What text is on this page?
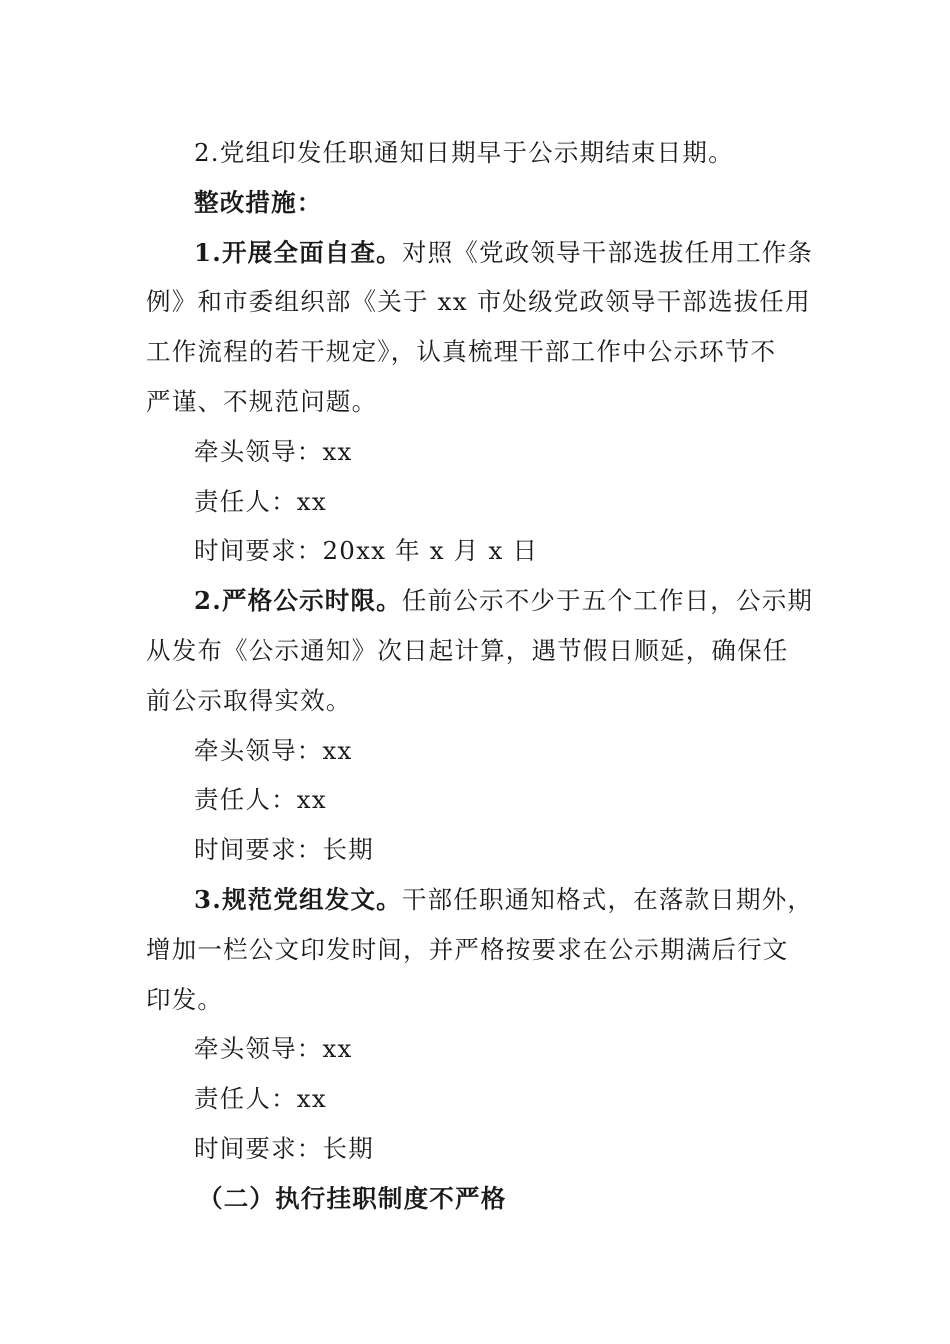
2.党组印发任职通知日期早于公示期结束日期。
整改措施：
1.开展全面自查。对照《党政领导干部选拔任用工作条
例》和市委组织部《关于 xx 市处级党政领导干部选拔任用
工作流程的若干规定》，认真梳理干部工作中公示环节不
严谨、不规范问题。
牵头领导：xx
责任人：xx
时间要求：20xx 年 x 月 x 日
2.严格公示时限。任前公示不少于五个工作日，公示期
从发布《公示通知》次日起计算，遇节假日顺延，确保任
前公示取得实效。
牵头领导：xx
责任人：xx
时间要求：长期
3.规范党组发文。干部任职通知格式，在落款日期外，
增加一栏公文印发时间，并严格按要求在公示期满后行文
印发。
牵头领导：xx
责任人：xx
时间要求：长期
（二）执行挂职制度不严格
